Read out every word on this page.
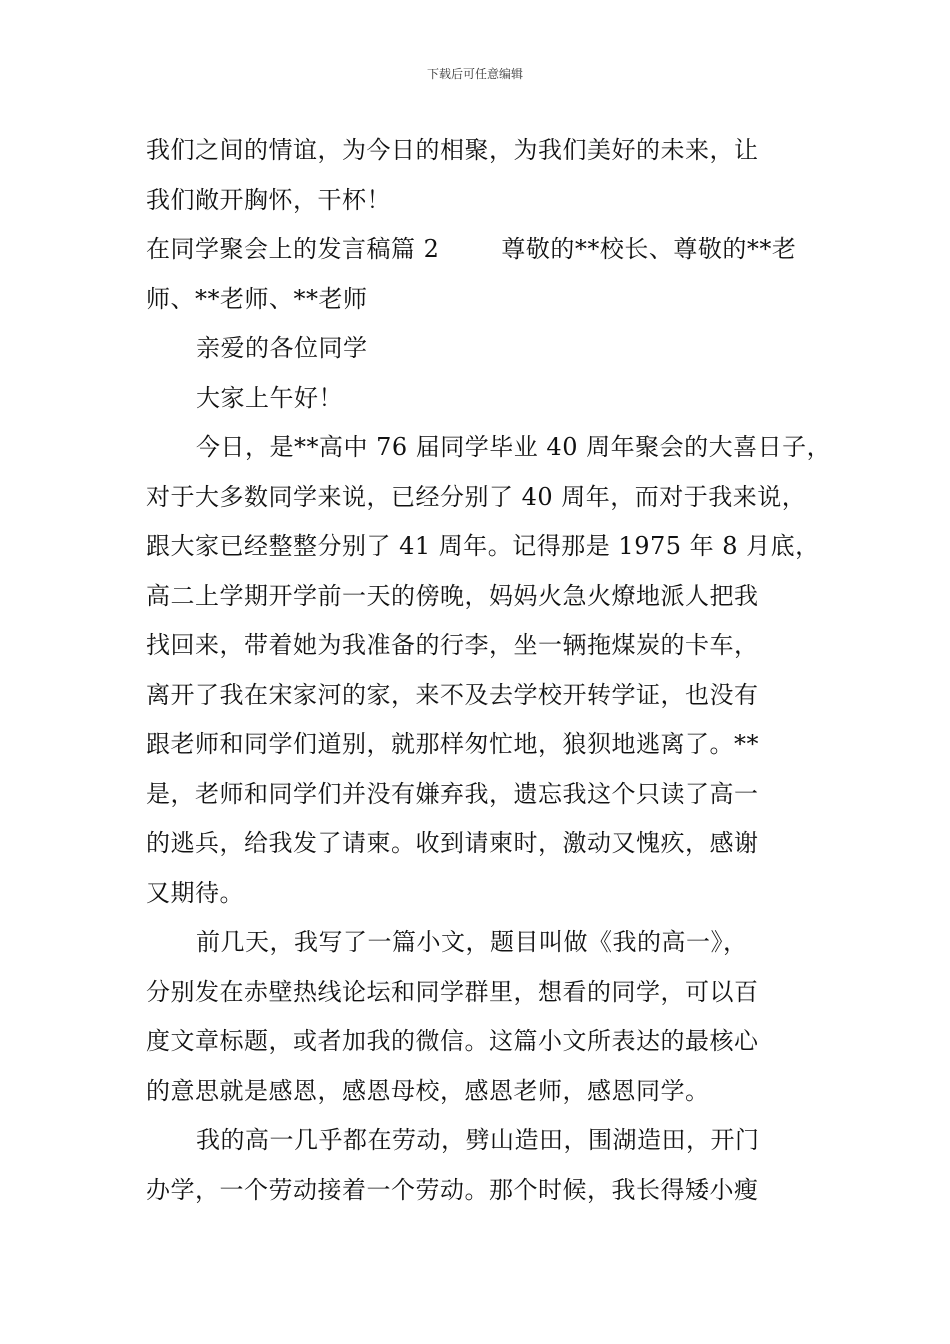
下载后可任意编辑
我们之间的情谊，为今日的相聚，为我们美好的未来，让
我们敞开胸怀，干杯！
在同学聚会上的发言稿篇 2	尊敬的**校长、尊敬的**老
师、**老师、**老师
亲爱的各位同学
大家上午好！
今日，是**高中 76 届同学毕业 40 周年聚会的大喜日子，
对于大多数同学来说，已经分别了 40 周年，而对于我来说，
跟大家已经整整分别了 41 周年。记得那是 1975 年 8 月底，
高二上学期开学前一天的傍晚，妈妈火急火燎地派人把我
找回来，带着她为我准备的行李，坐一辆拖煤炭的卡车，
离开了我在宋家河的家，来不及去学校开转学证，也没有
跟老师和同学们道别，就那样匆忙地，狼狈地逃离了。**
是，老师和同学们并没有嫌弃我，遗忘我这个只读了高一
的逃兵，给我发了请柬。收到请柬时，激动又愧疚，感谢
又期待。
前几天，我写了一篇小文，题目叫做《我的高一》，
分别发在赤壁热线论坛和同学群里，想看的同学，可以百
度文章标题，或者加我的微信。这篇小文所表达的最核心
的意思就是感恩，感恩母校，感恩老师，感恩同学。
我的高一几乎都在劳动，劈山造田，围湖造田，开门
办学，一个劳动接着一个劳动。那个时候，我长得矮小瘦
